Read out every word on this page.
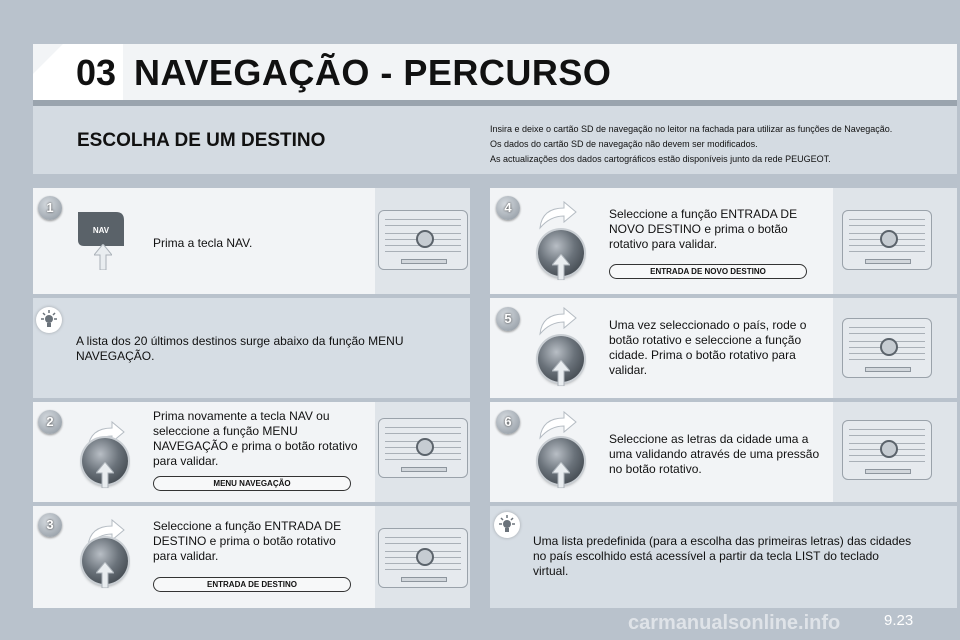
03 NAVEGAÇÃO - PERCURSO
ESCOLHA DE UM DESTINO
Insira e deixe o cartão SD de navegação no leitor na fachada para utilizar as funções de Navegação.
Os dados do cartão SD de navegação não devem ser modificados.
As actualizações dos dados cartográficos estão disponíveis junto da rede PEUGEOT.
1
NAV
Prima a tecla NAV.
A lista dos 20 últimos destinos surge abaixo da função MENU NAVEGAÇÃO.
2	Prima novamente a tecla NAV ou seleccione a função MENU NAVEGAÇÃO e prima o botão rotativo para validar.
MENU NAVEGAÇÃO
3	Seleccione a função ENTRADA DE DESTINO e prima o botão rotativo para validar.
ENTRADA DE DESTINO
4	Seleccione a função ENTRADA DE NOVO DESTINO e prima o botão rotativo para validar.
ENTRADA DE NOVO DESTINO
5	Uma vez seleccionado o país, rode o botão rotativo e seleccione a função cidade. Prima o botão rotativo para validar.
6
Seleccione as letras da cidade uma a uma validando através de uma pressão no botão rotativo.
Uma lista predefinida (para a escolha das primeiras letras) das cidades no país escolhido está acessível a partir da tecla LIST do teclado virtual.
carmanualsonline.info	9.23
